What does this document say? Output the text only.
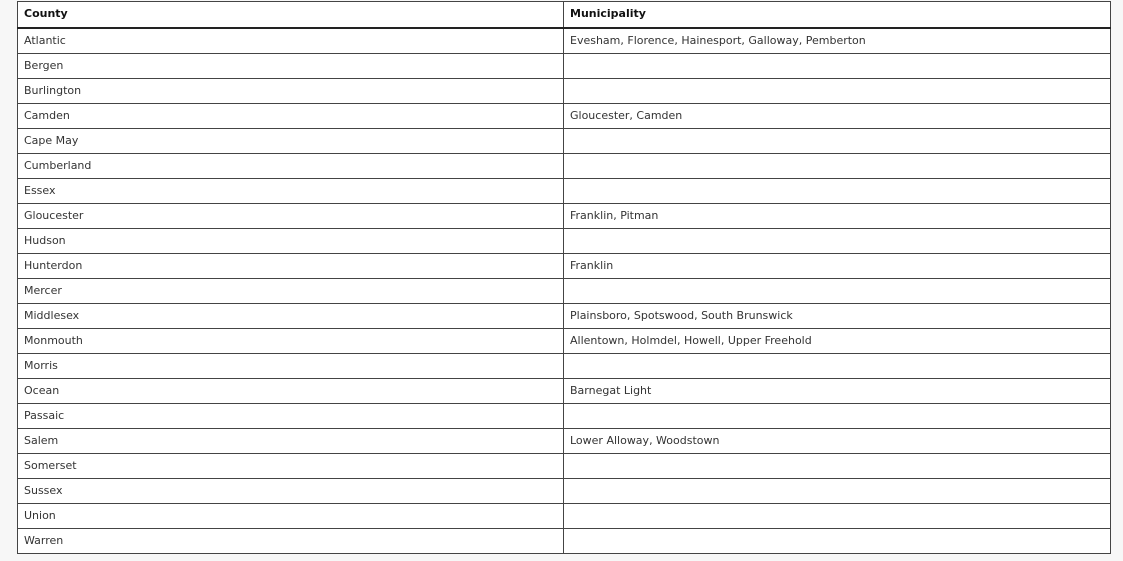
County	Municipality
Atlantic	Evesham, Florence, Hainesport, Galloway, Pemberton
Bergen	
Burlington	
Camden	Gloucester, Camden
Cape May	
Cumberland	
Essex	
Gloucester	Franklin, Pitman
Hudson	
Hunterdon	Franklin
Mercer	
Middlesex	Plainsboro, Spotswood, South Brunswick
Monmouth	Allentown, Holmdel, Howell, Upper Freehold
Morris	
Ocean	Barnegat Light
Passaic	
Salem	Lower Alloway, Woodstown
Somerset	
Sussex	
Union	
Warren	
